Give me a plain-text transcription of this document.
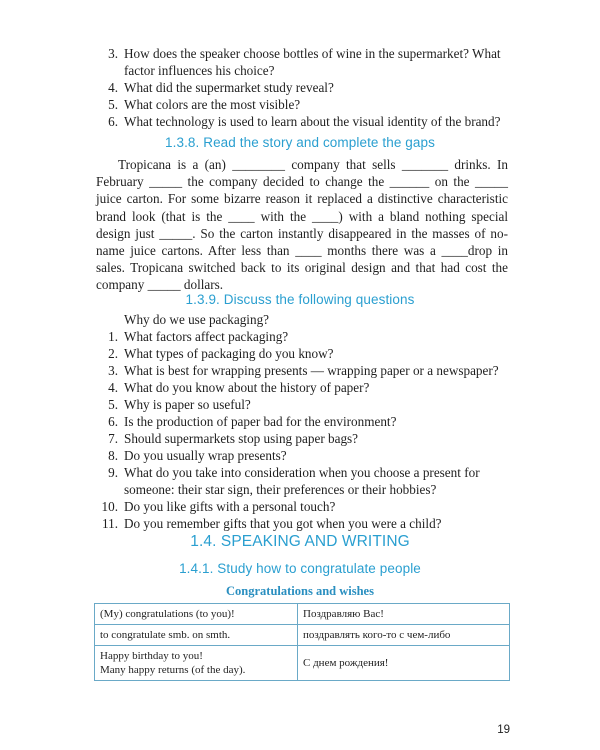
3. How does the speaker choose bottles of wine in the supermarket? What factor influences his choice?
4. What did the supermarket study reveal?
5. What colors are the most visible?
6. What technology is used to learn about the visual identity of the brand?
1.3.8. Read the story and complete the gaps

Tropicana is a (an) ________ company that sells _______ drinks. In February _____ the company decided to change the ______ on the _____ juice carton. For some bizarre reason it replaced a distinctive characteristic brand look (that is the ____ with the ____) with a bland nothing special design just _____. So the carton instantly disappeared in the masses of no-name juice cartons. After less than ____ months there was a ____drop in sales. Tropicana switched back to its original design and that had cost the company _____ dollars.

1.3.9. Discuss the following questions
Why do we use packaging?
1. What factors affect packaging?
2. What types of packaging do you know?
3. What is best for wrapping presents — wrapping paper or a newspaper?
4. What do you know about the history of paper?
5. Why is paper so useful?
6. Is the production of paper bad for the environment?
7. Should supermarkets stop using paper bags?
8. Do you usually wrap presents?
9. What do you take into consideration when you choose a present for someone: their star sign, their preferences or their hobbies?
10. Do you like gifts with a personal touch?
11. Do you remember gifts that you got when you were a child?
1.4. SPEAKING AND WRITING
1.4.1. Study how to congratulate people
Congratulations and wishes
(My) congratulations (to you)!	Поздравляю Вас!
to congratulate smb. on smth.	поздравлять кого-то с чем-либо
Happy birthday to you!
Many happy returns (of the day).	С днем рождения!
19
